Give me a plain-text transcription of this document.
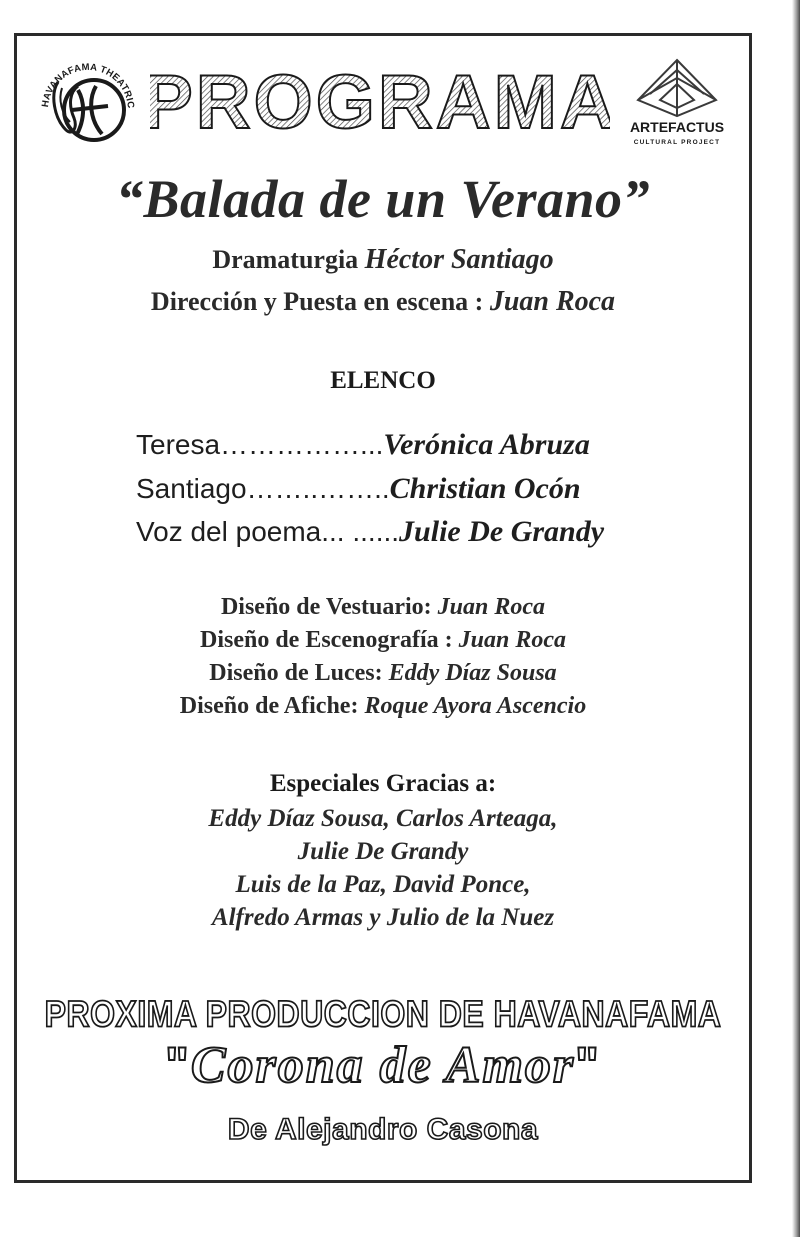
HAVANAFAMA THEATRIC PROGRAMA ARTEFACTUS
CULTURAL PROJECT
“Balada de un Verano”
Dramaturgia Héctor Santiago
Dirección y Puesta en escena : Juan Roca
ELENCO
Teresa……………...Verónica Abruza
Santiago……..……..Christian Ocón
Voz del poema... ......Julie De Grandy
Diseño de Vestuario: Juan Roca
Diseño de Escenografía : Juan Roca
Diseño de Luces: Eddy Díaz Sousa
Diseño de Afiche: Roque Ayora Ascencio
Especiales Gracias a:
Eddy Díaz Sousa, Carlos Arteaga,
Julie De Grandy
Luis de la Paz, David Ponce,
Alfredo Armas y Julio de la Nuez
PROXIMA PRODUCCION DE HAVANAFAMA
"Corona de Amor"
De Alejandro Casona
